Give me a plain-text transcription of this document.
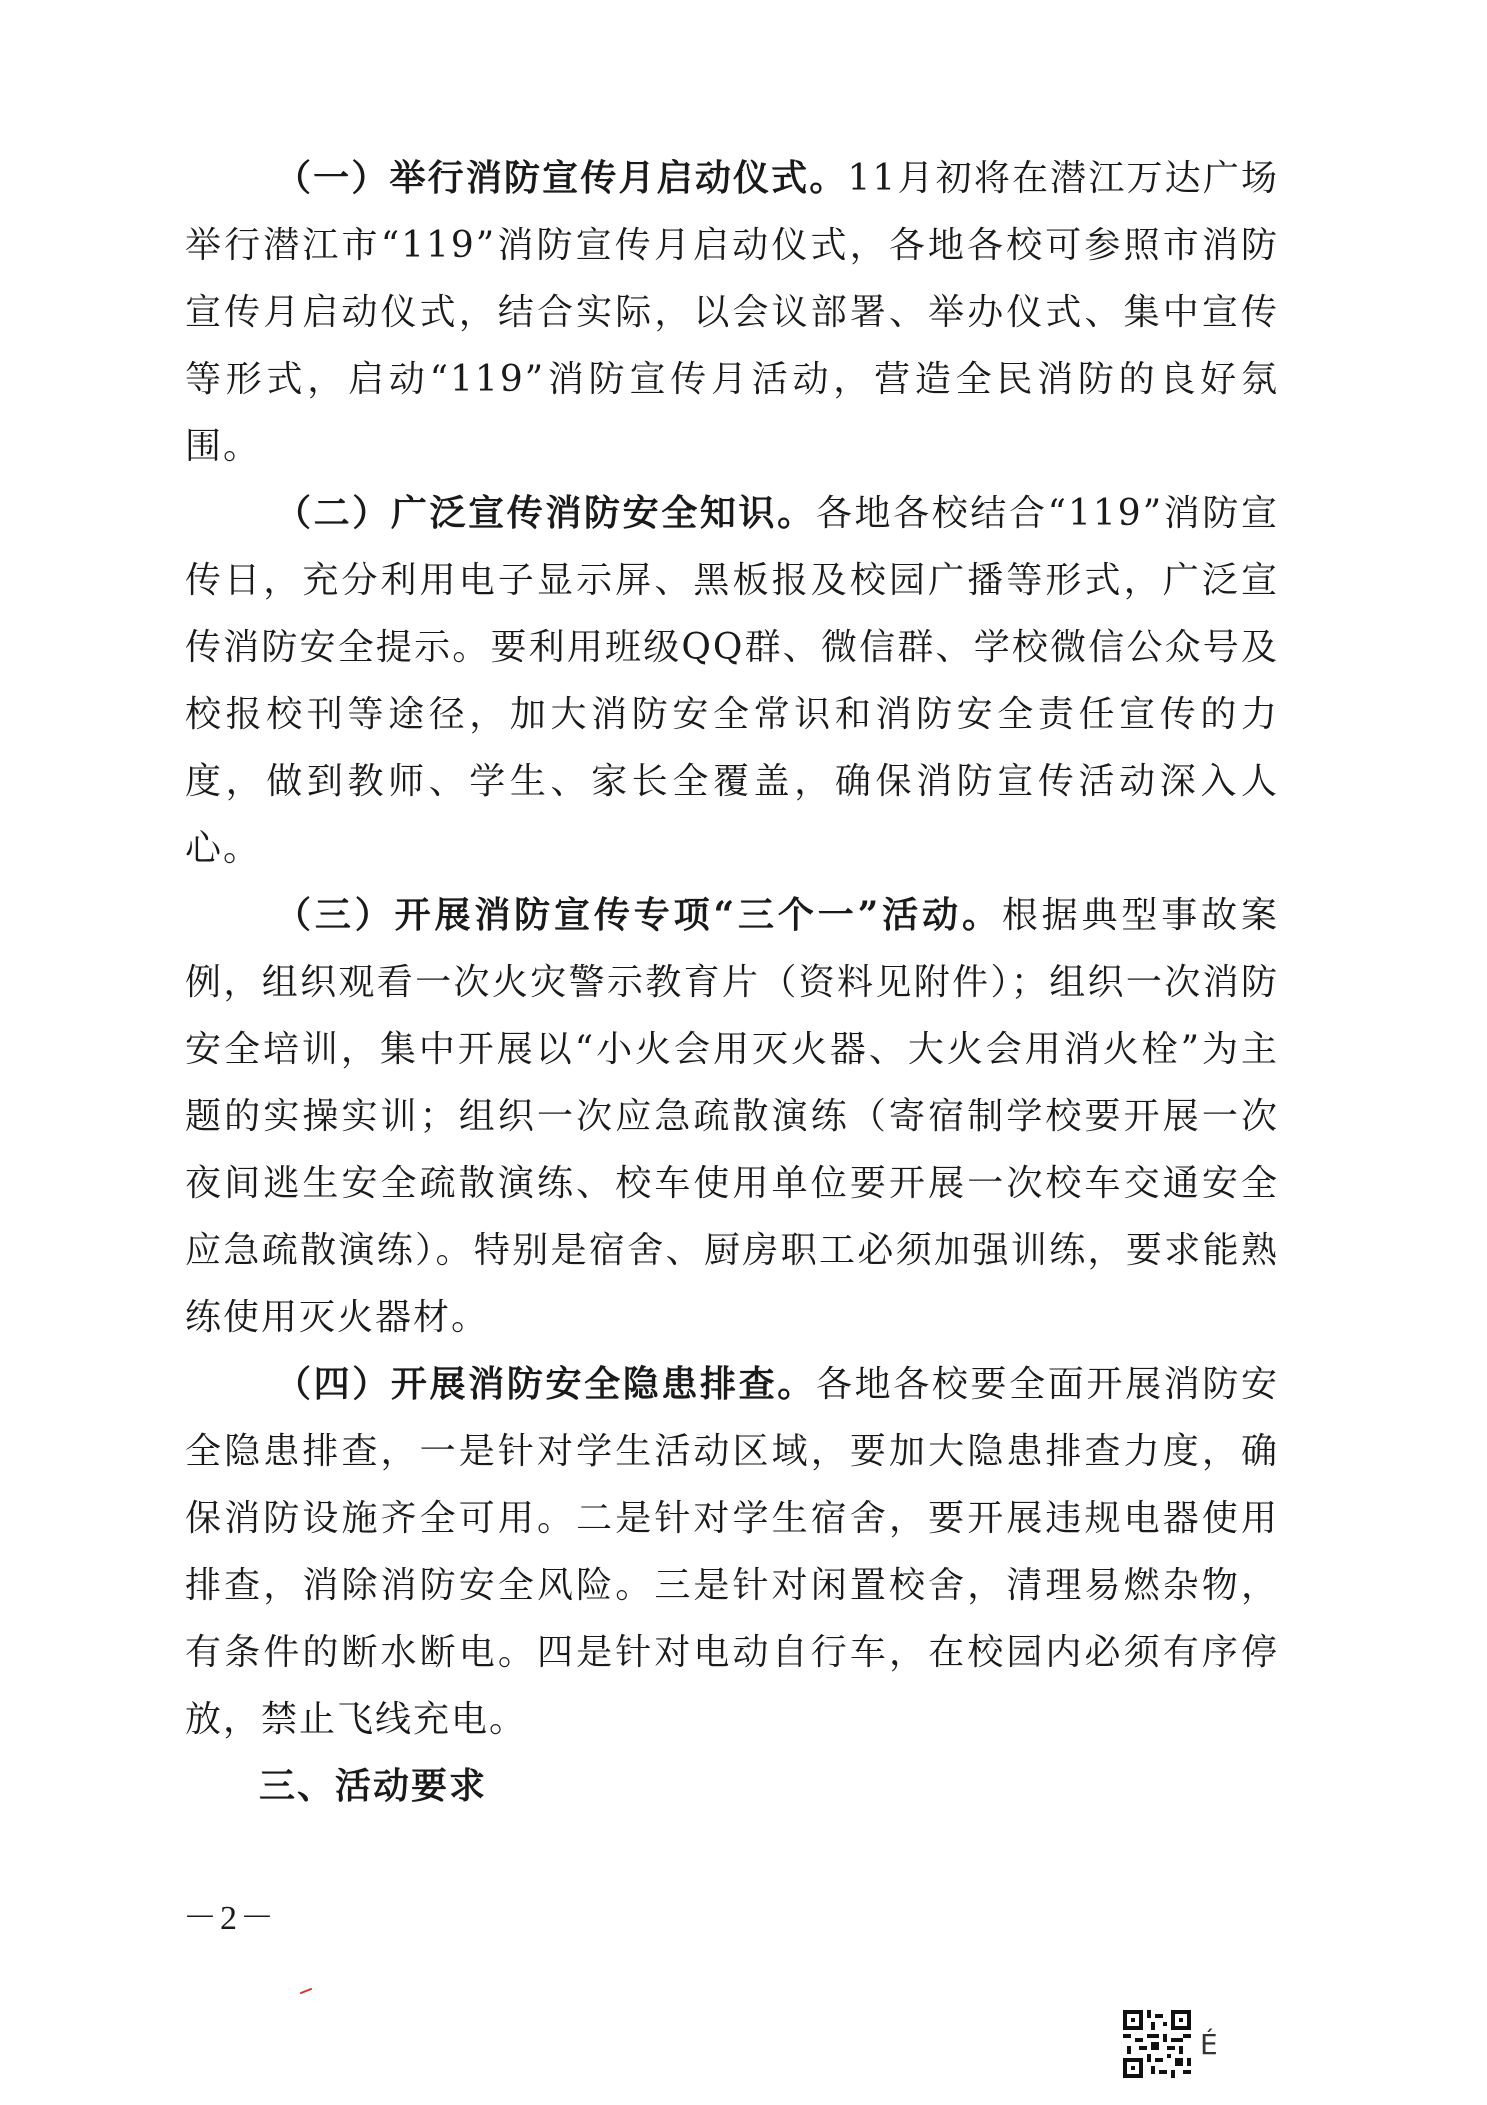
（一）举行消防宣传月启动仪式。11月初将在潜江万达广场举行潜江市“119”消防宣传月启动仪式，各地各校可参照市消防宣传月启动仪式，结合实际，以会议部署、举办仪式、集中宣传等形式，启动“119”消防宣传月活动，营造全民消防的良好氛围。

（二）广泛宣传消防安全知识。各地各校结合“119”消防宣传日，充分利用电子显示屏、黑板报及校园广播等形式，广泛宣传消防安全提示。要利用班级QQ群、微信群、学校微信公众号及校报校刊等途径，加大消防安全常识和消防安全责任宣传的力度，做到教师、学生、家长全覆盖，确保消防宣传活动深入人心。

（三）开展消防宣传专项“三个一”活动。根据典型事故案例，组织观看一次火灾警示教育片（资料见附件）；组织一次消防安全培训，集中开展以“小火会用灭火器、大火会用消火栓”为主题的实操实训；组织一次应急疏散演练（寄宿制学校要开展一次夜间逃生安全疏散演练、校车使用单位要开展一次校车交通安全应急疏散演练）。特别是宿舍、厨房职工必须加强训练，要求能熟练使用灭火器材。

（四）开展消防安全隐患排查。各地各校要全面开展消防安全隐患排查，一是针对学生活动区域，要加大隐患排查力度，确保消防设施齐全可用。二是针对学生宿舍，要开展违规电器使用排查，消除消防安全风险。三是针对闲置校舍，清理易燃杂物，有条件的断水断电。四是针对电动自行车，在校园内必须有序停放，禁止飞线充电。

三、活动要求

－2－
É
